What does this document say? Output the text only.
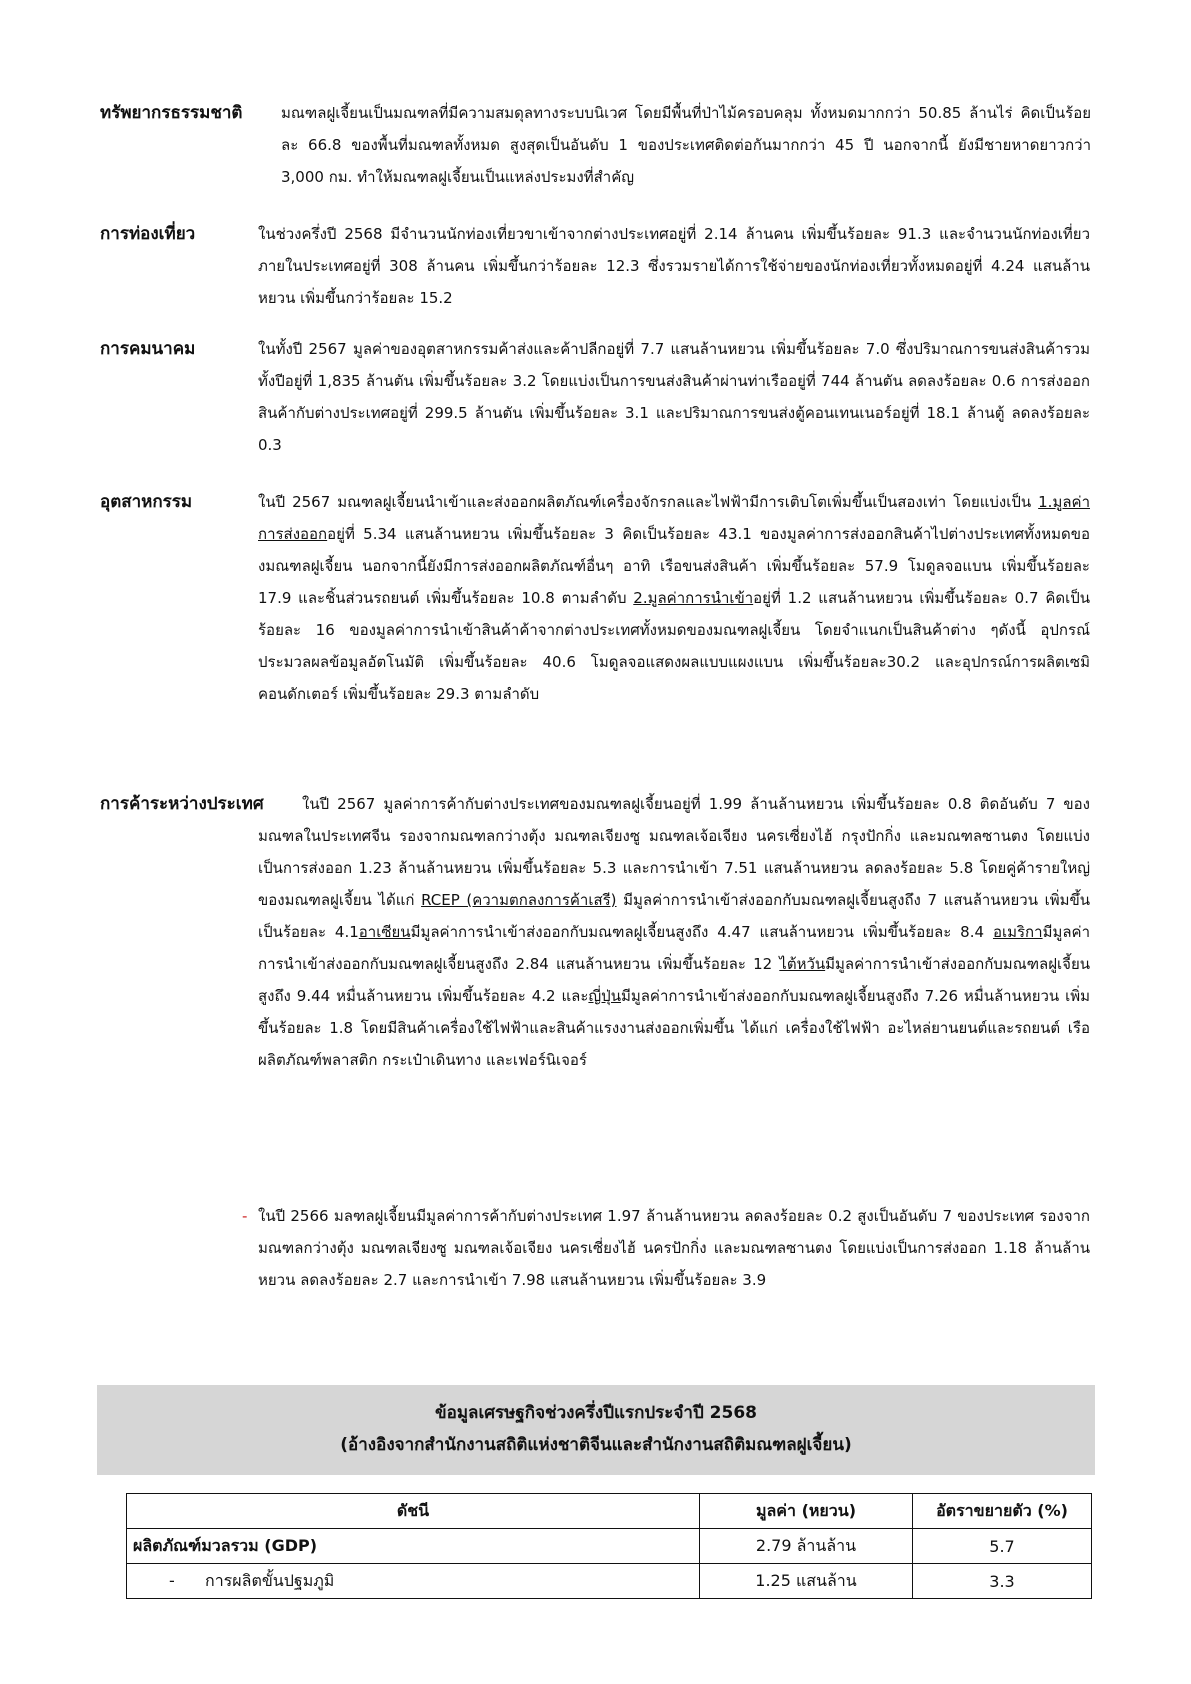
ทรัพยากรธรรมชาติ	มณฑลฝูเจี้ยนเป็นมณฑลที่มีความสมดุลทางระบบนิเวศ โดยมีพื้นที่ป่าไม้ครอบคลุม ทั้งหมดมากกว่า 50.85 ล้านไร่ คิดเป็นร้อยละ 66.8 ของพื้นที่มณฑลทั้งหมด สูงสุดเป็นอันดับ 1 ของประเทศติดต่อกันมากกว่า 45 ปี นอกจากนี้ ยังมีชายหาดยาวกว่า 3,000 กม. ทำให้มณฑลฝูเจี้ยนเป็นแหล่งประมงที่สำคัญ
การท่องเที่ยว	ในช่วงครึ่งปี 2568 มีจำนวนนักท่องเที่ยวขาเข้าจากต่างประเทศอยู่ที่ 2.14 ล้านคน เพิ่มขึ้นร้อยละ 91.3 และจำนวนนักท่องเที่ยวภายในประเทศอยู่ที่ 308 ล้านคน เพิ่มขึ้นกว่าร้อยละ 12.3 ซึ่งรวมรายได้การใช้จ่ายของนักท่องเที่ยวทั้งหมดอยู่ที่ 4.24 แสนล้านหยวน เพิ่มขึ้นกว่าร้อยละ 15.2
การคมนาคม	ในทั้งปี 2567 มูลค่าของอุตสาหกรรมค้าส่งและค้าปลีกอยู่ที่ 7.7 แสนล้านหยวน เพิ่มขึ้นร้อยละ 7.0 ซึ่งปริมาณการขนส่งสินค้ารวมทั้งปีอยู่ที่ 1,835 ล้านตัน เพิ่มขึ้นร้อยละ 3.2 โดยแบ่งเป็นการขนส่งสินค้าผ่านท่าเรืออยู่ที่ 744 ล้านตัน ลดลงร้อยละ 0.6 การส่งออกสินค้ากับต่างประเทศอยู่ที่ 299.5 ล้านตัน เพิ่มขึ้นร้อยละ 3.1 และปริมาณการขนส่งตู้คอนเทนเนอร์อยู่ที่ 18.1 ล้านตู้ ลดลงร้อยละ 0.3
อุตสาหกรรม	ในปี 2567 มณฑลฝูเจี้ยนนำเข้าและส่งออกผลิตภัณฑ์เครื่องจักรกลและไฟฟ้ามีการเติบโตเพิ่มขึ้นเป็นสองเท่า โดยแบ่งเป็น 1.มูลค่าการส่งออกอยู่ที่ 5.34 แสนล้านหยวน เพิ่มขึ้นร้อยละ 3 คิดเป็นร้อยละ 43.1 ของมูลค่าการส่งออกสินค้าไปต่างประเทศทั้งหมดของมณฑลฝูเจี้ยน นอกจากนี้ยังมีการส่งออกผลิตภัณฑ์อื่นๆ อาทิ เรือขนส่งสินค้า เพิ่มขึ้นร้อยละ 57.9 โมดูลจอแบน เพิ่มขึ้นร้อยละ 17.9 และชิ้นส่วนรถยนต์ เพิ่มขึ้นร้อยละ 10.8 ตามลำดับ 2.มูลค่าการนำเข้าอยู่ที่ 1.2 แสนล้านหยวน เพิ่มขึ้นร้อยละ 0.7 คิดเป็นร้อยละ 16 ของมูลค่าการนำเข้าสินค้าค้าจากต่างประเทศทั้งหมดของมณฑลฝูเจี้ยน โดยจำแนกเป็นสินค้าต่าง ๆดังนี้ อุปกรณ์ประมวลผลข้อมูลอัตโนมัติ เพิ่มขึ้นร้อยละ 40.6 โมดูลจอแสดงผลแบบแผงแบน เพิ่มขึ้นร้อยละ30.2 และอุปกรณ์การผลิตเซมิคอนดักเตอร์ เพิ่มขึ้นร้อยละ 29.3 ตามลำดับ
การค้าระหว่างประเทศ	ในปี 2567 มูลค่าการค้ากับต่างประเทศของมณฑลฝูเจี้ยนอยู่ที่ 1.99 ล้านล้านหยวน เพิ่มขึ้นร้อยละ 0.8 ติดอันดับ 7 ของมณฑลในประเทศจีน รองจากมณฑลกว่างตุ้ง มณฑลเจียงซู มณฑลเจ้อเจียง นครเซี่ยงไฮ้ กรุงปักกิ่ง และมณฑลซานตง โดยแบ่งเป็นการส่งออก 1.23 ล้านล้านหยวน เพิ่มขึ้นร้อยละ 5.3 และการนำเข้า 7.51 แสนล้านหยวน ลดลงร้อยละ 5.8 โดยคู่ค้ารายใหญ่ของมณฑลฝูเจี้ยน ได้แก่ RCEP (ความตกลงการค้าเสรี) มีมูลค่าการนำเข้าส่งออกกับมณฑลฝูเจี้ยนสูงถึง 7 แสนล้านหยวน เพิ่มขึ้นเป็นร้อยละ 4.1อาเซียนมีมูลค่าการนำเข้าส่งออกกับมณฑลฝูเจี้ยนสูงถึง 4.47 แสนล้านหยวน เพิ่มขึ้นร้อยละ 8.4 อเมริกามีมูลค่าการนำเข้าส่งออกกับมณฑลฝูเจี้ยนสูงถึง 2.84 แสนล้านหยวน เพิ่มขึ้นร้อยละ 12 ไต้หวันมีมูลค่าการนำเข้าส่งออกกับมณฑลฝูเจี้ยนสูงถึง 9.44 หมื่นล้านหยวน เพิ่มขึ้นร้อยละ 4.2 และญี่ปุ่นมีมูลค่าการนำเข้าส่งออกกับมณฑลฝูเจี้ยนสูงถึง 7.26 หมื่นล้านหยวน เพิ่มขึ้นร้อยละ 1.8 โดยมีสินค้าเครื่องใช้ไฟฟ้าและสินค้าแรงงานส่งออกเพิ่มขึ้น ได้แก่ เครื่องใช้ไฟฟ้า อะไหล่ยานยนต์และรถยนต์ เรือ ผลิตภัณฑ์พลาสติก กระเป๋าเดินทาง และเฟอร์นิเจอร์
- ในปี 2566 มลฑลฝูเจี้ยนมีมูลค่าการค้ากับต่างประเทศ 1.97 ล้านล้านหยวน ลดลงร้อยละ 0.2 สูงเป็นอันดับ 7 ของประเทศ รองจากมณฑลกว่างตุ้ง มณฑลเจียงซู มณฑลเจ้อเจียง นครเซี่ยงไฮ้ นครปักกิ่ง และมณฑลซานตง โดยแบ่งเป็นการส่งออก 1.18 ล้านล้านหยวน ลดลงร้อยละ 2.7 และการนำเข้า 7.98 แสนล้านหยวน เพิ่มขึ้นร้อยละ 3.9
ข้อมูลเศรษฐกิจช่วงครึ่งปีแรกประจำปี 2568
(อ้างอิงจากสำนักงานสถิติแห่งชาติจีนและสำนักงานสถิติมณฑลฝูเจี้ยน)
ดัชนี	มูลค่า (หยวน)	อัตราขยายตัว (%)
ผลิตภัณฑ์มวลรวม (GDP)	2.79 ล้านล้าน	5.7
- การผลิตขั้นปฐมภูมิ	1.25 แสนล้าน	3.3
